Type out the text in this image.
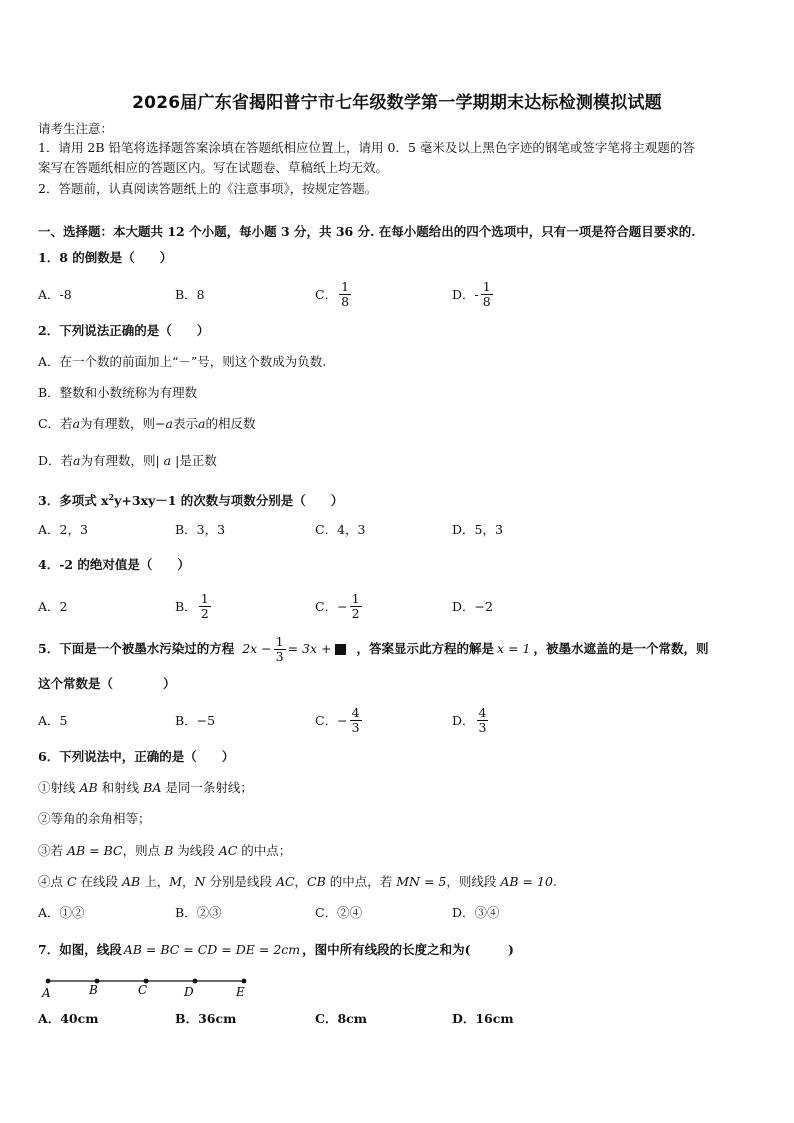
2026届广东省揭阳普宁市七年级数学第一学期期末达标检测模拟试题
请考生注意：
1．请用 2B 铅笔将选择题答案涂填在答题纸相应位置上，请用 0．5 毫米及以上黑色字迹的钢笔或签字笔将主观题的答
案写在答题纸相应的答题区内。写在试题卷、草稿纸上均无效。
2．答题前，认真阅读答题纸上的《注意事项》，按规定答题。
一、选择题：本大题共 12 个小题，每小题 3 分，共 36 分. 在每小题给出的四个选项中，只有一项是符合题目要求的.
1．8 的倒数是（　　）
A．-8	B．8	C． $\frac{1}{8}$	D．- $\frac{1}{8}$
2．下列说法正确的是（　　）
A．在一个数的前面加上“－”号，则这个数成为负数.
B．整数和小数统称为有理数
C．若a为有理数，则−a表示a的相反数
D．若a为有理数，则| a |是正数
3．多项式 $x^2y+3xy-1$ 的次数与项数分别是（　　）
A．2，3	B．3，3	C．4，3	D．5，3
4．-2 的绝对值是（　　）
A．2	B． $\frac{1}{2}$	C． − $\frac{1}{2}$	D．−2
5．下面是一个被墨水污染过的方程 $2x - \frac{1}{3} = 3x$ + ，答案显示此方程的解是 x = 1 ，被墨水遮盖的是一个常数，则
这个常数是（　　　　）
A．5	B．−5	C． − $\frac{4}{3}$	D． $\frac{4}{3}$
6．下列说法中，正确的是（　　）
①射线 AB 和射线 BA 是同一条射线；
②等角的余角相等；
③若 AB = BC，则点 B 为线段 AC 的中点；
④点 C 在线段 AB 上，M，N 分别是线段 AC，CB 的中点，若 MN = 5，则线段 AB = 10.
A．①②	B．②③	C．②④	D．③④
7．如图，线段 AB = BC = CD = DE = 2cm ，图中所有线段的长度之和为(　　　)
A	B	C	D	E
A．40cm	B．36cm	C．8cm	D．16cm
